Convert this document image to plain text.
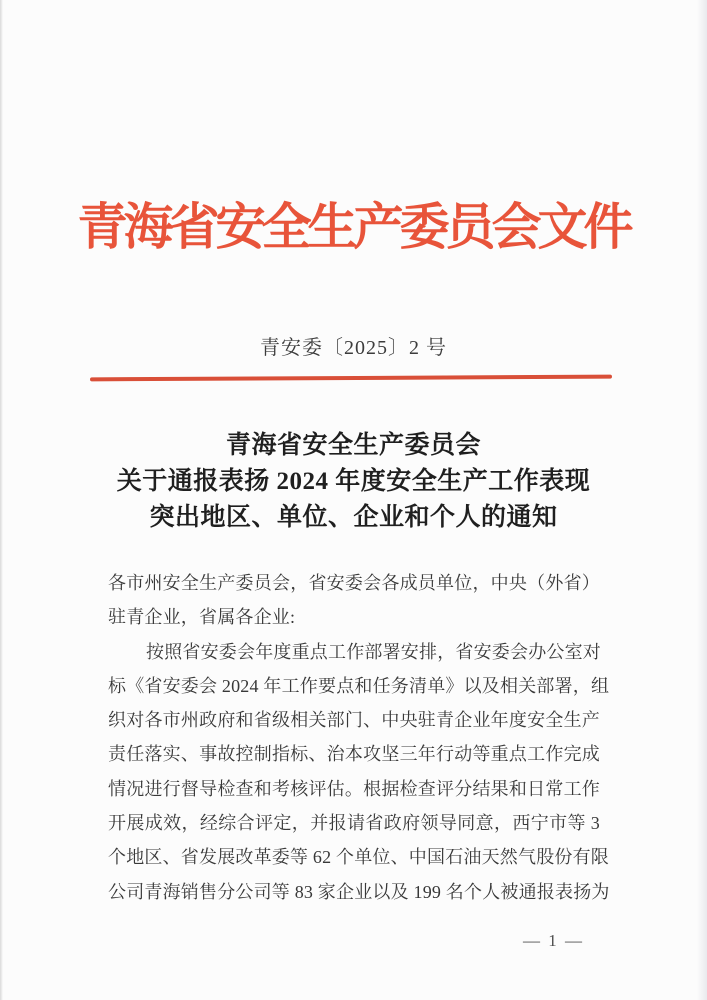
青海省安全生产委员会文件
青安委〔2025〕2 号
青海省安全生产委员会
关于通报表扬 2024 年度安全生产工作表现
突出地区、单位、企业和个人的通知
各市州安全生产委员会，省安委会各成员单位，中央（外省）
驻青企业，省属各企业:
按照省安委会年度重点工作部署安排，省安委会办公室对
标《省安委会 2024 年工作要点和任务清单》以及相关部署，组
织对各市州政府和省级相关部门、中央驻青企业年度安全生产
责任落实、事故控制指标、治本攻坚三年行动等重点工作完成
情况进行督导检查和考核评估。根据检查评分结果和日常工作
开展成效，经综合评定，并报请省政府领导同意，西宁市等 3
个地区、省发展改革委等 62 个单位、中国石油天然气股份有限
公司青海销售分公司等 83 家企业以及 199 名个人被通报表扬为
— 1 —
